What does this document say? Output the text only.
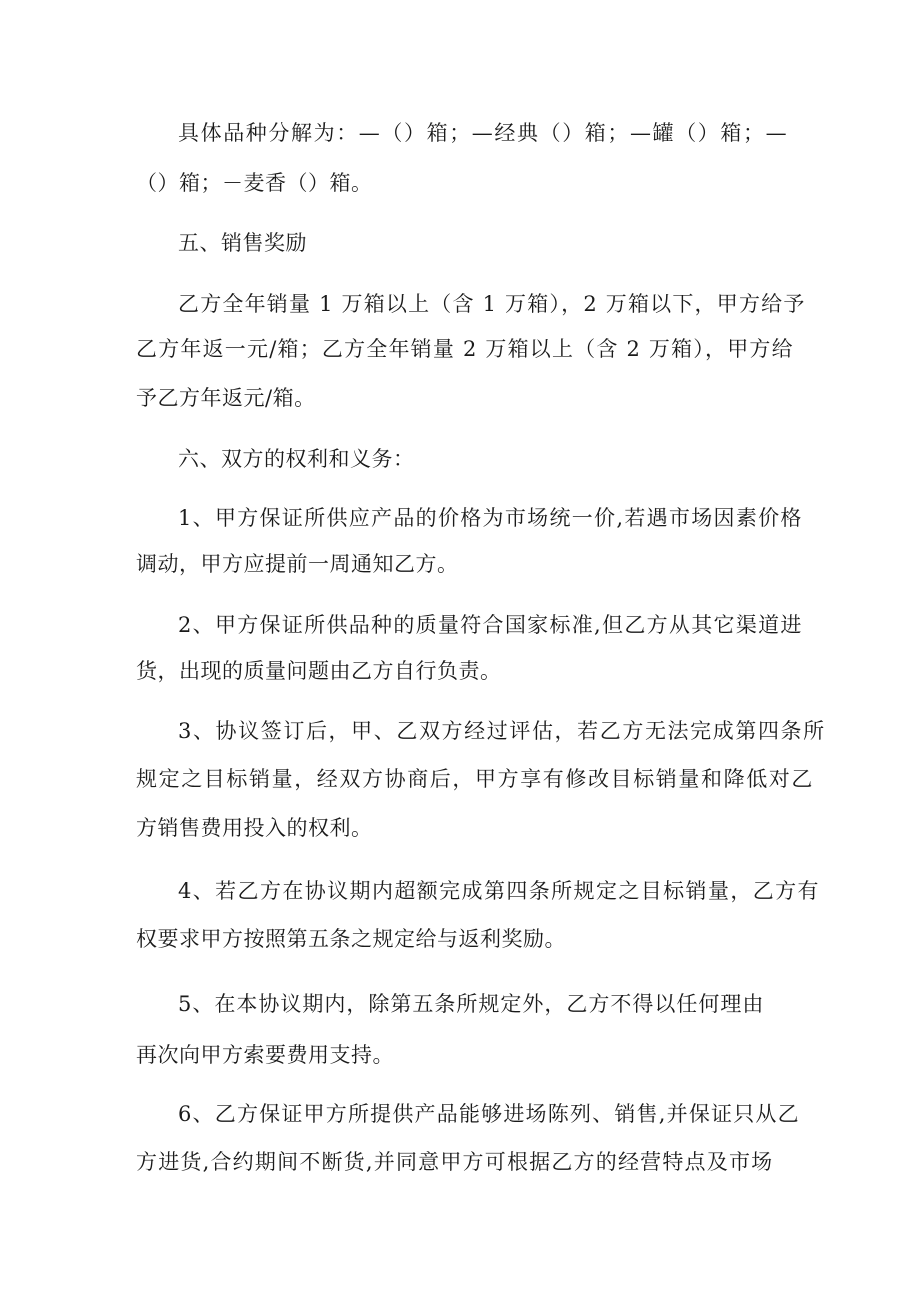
具体品种分解为：—（）箱；—经典（）箱；—罐（）箱；—
（）箱；－麦香（）箱。
五、销售奖励
乙方全年销量 1 万箱以上（含 1 万箱），2 万箱以下，甲方给予
乙方年返一元/箱；乙方全年销量 2 万箱以上（含 2 万箱），甲方给
予乙方年返元/箱。
六、双方的权利和义务：
1、甲方保证所供应产品的价格为市场统一价,若遇市场因素价格
调动，甲方应提前一周通知乙方。
2、甲方保证所供品种的质量符合国家标准,但乙方从其它渠道进
货，出现的质量问题由乙方自行负责。
3、协议签订后，甲、乙双方经过评估，若乙方无法完成第四条所
规定之目标销量，经双方协商后，甲方享有修改目标销量和降低对乙
方销售费用投入的权利。
4、若乙方在协议期内超额完成第四条所规定之目标销量，乙方有
权要求甲方按照第五条之规定给与返利奖励。
5、在本协议期内，除第五条所规定外，乙方不得以任何理由
再次向甲方索要费用支持。
6、乙方保证甲方所提供产品能够进场陈列、销售,并保证只从乙
方进货,合约期间不断货,并同意甲方可根据乙方的经营特点及市场
